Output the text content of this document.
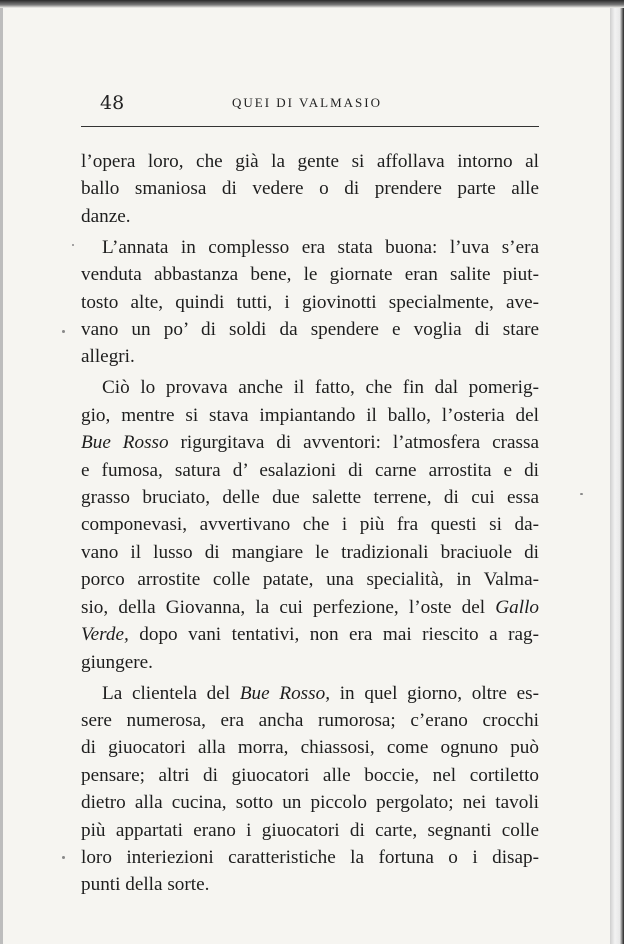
48	QUEI DI VALMASIO

l’opera loro, che già la gente si affollava intorno al
ballo smaniosa di vedere o di prendere parte alle
danze.

L’annata in complesso era stata buona: l’uva s’era
venduta abbastanza bene, le giornate eran salite piut-
tosto alte, quindi tutti, i giovinotti specialmente, ave-
vano un po’ di soldi da spendere e voglia di stare
allegri.

Ciò lo provava anche il fatto, che fin dal pomerig-
gio, mentre si stava impiantando il ballo, l’osteria del
Bue Rosso rigurgitava di avventori: l’atmosfera crassa
e fumosa, satura d’ esalazioni di carne arrostita e di
grasso bruciato, delle due salette terrene, di cui essa
componevasi, avvertivano che i più fra questi si da-
vano il lusso di mangiare le tradizionali braciuole di
porco arrostite colle patate, una specialità, in Valma-
sio, della Giovanna, la cui perfezione, l’oste del Gallo
Verde, dopo vani tentativi, non era mai riescito a rag-
giungere.

La clientela del Bue Rosso, in quel giorno, oltre es-
sere numerosa, era ancha rumorosa; c’erano crocchi
di giuocatori alla morra, chiassosi, come ognuno può
pensare; altri di giuocatori alle boccie, nel cortiletto
dietro alla cucina, sotto un piccolo pergolato; nei tavoli
più appartati erano i giuocatori di carte, segnanti colle
loro interiezioni caratteristiche la fortuna o i disap-
punti della sorte.
